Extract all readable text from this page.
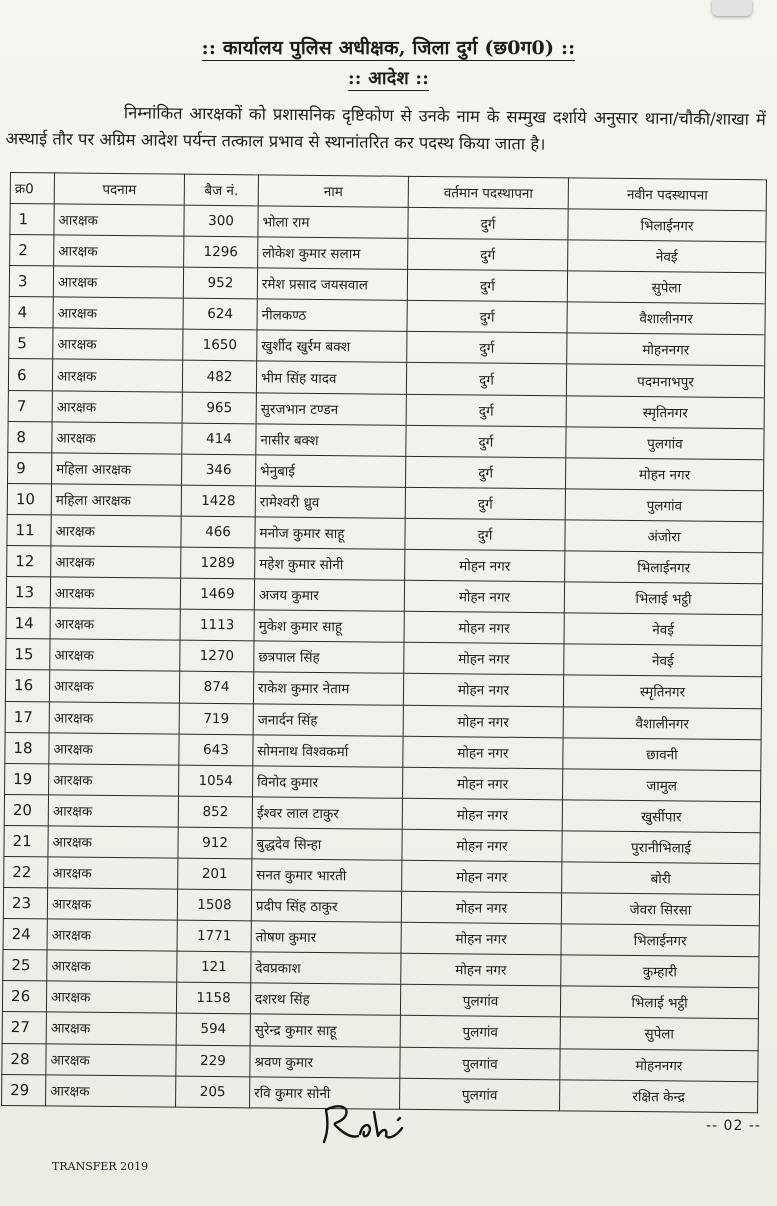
:: कार्यालय पुलिस अधीक्षक, जिला दुर्ग (छ0ग0) ::
:: आदेश ::
निम्नांकित आरक्षकों को प्रशासनिक दृष्टिकोण से उनके नाम के सम्मुख दर्शाये अनुसार थाना/चौकी/शाखा में अस्थाई तौर पर अग्रिम आदेश पर्यन्त तत्काल प्रभाव से स्थानांतरित कर पदस्थ किया जाता है।
क्र0	पदनाम	बैज नं.	नाम	वर्तमान पदस्थापना	नवीन पदस्थापना
1	आरक्षक	300	भोला राम	दुर्ग	भिलाईनगर
2	आरक्षक	1296	लोकेश कुमार सलाम	दुर्ग	नेवई
3	आरक्षक	952	रमेश प्रसाद जयसवाल	दुर्ग	सुपेला
4	आरक्षक	624	नीलकण्ठ	दुर्ग	वैशालीनगर
5	आरक्षक	1650	खुर्शीद खुर्रम बक्श	दुर्ग	मोहननगर
6	आरक्षक	482	भीम सिंह यादव	दुर्ग	पदमनाभपुर
7	आरक्षक	965	सुरजभान टण्डन	दुर्ग	स्मृतिनगर
8	आरक्षक	414	नासीर बक्श	दुर्ग	पुलगांव
9	महिला आरक्षक	346	भेनुबाई	दुर्ग	मोहन नगर
10	महिला आरक्षक	1428	रामेश्वरी ध्रुव	दुर्ग	पुलगांव
11	आरक्षक	466	मनोज कुमार साहू	दुर्ग	अंजोरा
12	आरक्षक	1289	महेश कुमार सोनी	मोहन नगर	भिलाईनगर
13	आरक्षक	1469	अजय कुमार	मोहन नगर	भिलाई भट्ठी
14	आरक्षक	1113	मुकेश कुमार साहू	मोहन नगर	नेवई
15	आरक्षक	1270	छत्रपाल सिंह	मोहन नगर	नेवई
16	आरक्षक	874	राकेश कुमार नेताम	मोहन नगर	स्मृतिनगर
17	आरक्षक	719	जनार्दन सिंह	मोहन नगर	वैशालीनगर
18	आरक्षक	643	सोमनाथ विश्वकर्मा	मोहन नगर	छावनी
19	आरक्षक	1054	विनोद कुमार	मोहन नगर	जामुल
20	आरक्षक	852	ईश्वर लाल टाकुर	मोहन नगर	खुर्सीपार
21	आरक्षक	912	बुद्धदेव सिन्हा	मोहन नगर	पुरानीभिलाई
22	आरक्षक	201	सनत कुमार भारती	मोहन नगर	बोरी
23	आरक्षक	1508	प्रदीप सिंह ठाकुर	मोहन नगर	जेवरा सिरसा
24	आरक्षक	1771	तोषण कुमार	मोहन नगर	भिलाईनगर
25	आरक्षक	121	देवप्रकाश	मोहन नगर	कुम्हारी
26	आरक्षक	1158	दशरथ सिंह	पुलगांव	भिलाई भट्ठी
27	आरक्षक	594	सुरेन्द्र कुमार साहू	पुलगांव	सुपेला
28	आरक्षक	229	श्रवण कुमार	पुलगांव	मोहननगर
29	आरक्षक	205	रवि कुमार सोनी	पुलगांव	रक्षित केन्द्र
-- 02 --
TRANSFER 2019
